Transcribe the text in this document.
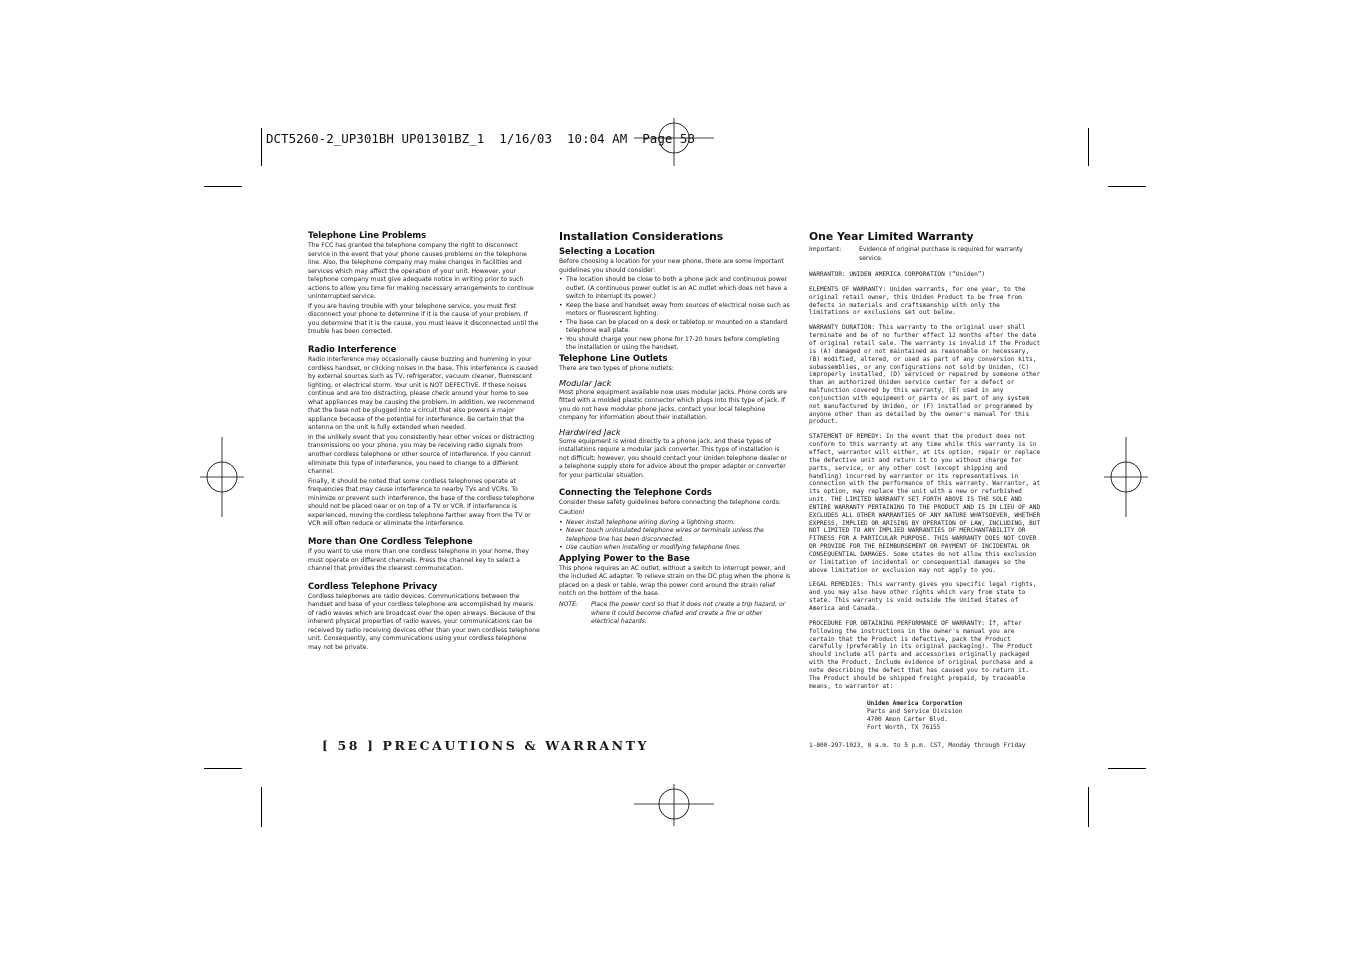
DCT5260-2_UP301BH UP01301BZ_1  1/16/03  10:04 AM  Page 58
Telephone Line Problems
The FCC has granted the telephone company the right to disconnect service in the event that your phone causes problems on the telephone line. Also, the telephone company may make changes in facilities and services which may affect the operation of your unit. However, your telephone company must give adequate notice in writing prior to such actions to allow you time for making necessary arrangements to continue uninterrupted service.
If you are having trouble with your telephone service, you must first disconnect your phone to determine if it is the cause of your problem. If you determine that it is the cause, you must leave it disconnected until the trouble has been corrected.
Radio Interference
Radio interference may occasionally cause buzzing and humming in your cordless handset, or clicking noises in the base. This interference is caused by external sources such as TV, refrigerator, vacuum cleaner, fluorescent lighting, or electrical storm. Your unit is NOT DEFECTIVE. If these noises continue and are too distracting, please check around your home to see what appliances may be causing the problem. In addition, we recommend that the base not be plugged into a circuit that also powers a major appliance because of the potential for interference. Be certain that the antenna on the unit is fully extended when needed.
In the unlikely event that you consistently hear other voices or distracting transmissions on your phone, you may be receiving radio signals from another cordless telephone or other source of interference. If you cannot eliminate this type of interference, you need to change to a different channel.
Finally, it should be noted that some cordless telephones operate at frequencies that may cause interference to nearby TVs and VCRs. To minimize or prevent such interference, the base of the cordless telephone should not be placed near or on top of a TV or VCR. If interference is experienced, moving the cordless telephone farther away from the TV or VCR will often reduce or eliminate the interference.
More than One Cordless Telephone
If you want to use more than one cordless telephone in your home, they must operate on different channels. Press the channel key to select a channel that provides the clearest communication.
Cordless Telephone Privacy
Cordless telephones are radio devices. Communications between the handset and base of your cordless telephone are accomplished by means of radio waves which are broadcast over the open airways. Because of the inherent physical properties of radio waves, your communications can be received by radio receiving devices other than your own cordless telephone unit. Consequently, any communications using your cordless telephone may not be private.
Installation Considerations
Selecting a Location
Before choosing a location for your new phone, there are some important guidelines you should consider:
• The location should be close to both a phone jack and continuous power outlet. (A continuous power outlet is an AC outlet which does not have a switch to interrupt its power.)
• Keep the base and handset away from sources of electrical noise such as motors or fluorescent lighting.
• The base can be placed on a desk or tabletop or mounted on a standard telephone wall plate.
• You should charge your new phone for 17-20 hours before completing the installation or using the handset.
Telephone Line Outlets
There are two types of phone outlets:
Modular Jack
Most phone equipment available now uses modular jacks. Phone cords are fitted with a molded plastic connector which plugs into this type of jack. If you do not have modular phone jacks, contact your local telephone company for information about their installation.
Hardwired Jack
Some equipment is wired directly to a phone jack, and these types of installations require a modular jack converter. This type of installation is not difficult; however, you should contact your Uniden telephone dealer or a telephone supply store for advice about the proper adapter or converter for your particular situation.
Connecting the Telephone Cords
Consider these safety guidelines before connecting the telephone cords:
Caution!
• Never install telephone wiring during a lightning storm.
• Never touch uninsulated telephone wires or terminals unless the telephone line has been disconnected.
• Use caution when installing or modifying telephone lines.
Applying Power to the Base
This phone requires an AC outlet, without a switch to interrupt power, and the included AC adapter. To relieve strain on the DC plug when the phone is placed on a desk or table, wrap the power cord around the strain relief notch on the bottom of the base.
NOTE:	Place the power cord so that it does not create a trip hazard, or where it could become chafed and create a fire or other electrical hazards.
One Year Limited Warranty
Important:	Evidence of original purchase is required for warranty service.
WARRANTOR: UNIDEN AMERICA CORPORATION (“Uniden”)
ELEMENTS OF WARRANTY: Uniden warrants, for one year, to the original retail owner, this Uniden Product to be free from defects in materials and craftsmanship with only the limitations or exclusions set out below.
WARRANTY DURATION: This warranty to the original user shall terminate and be of no further effect 12 months after the date of original retail sale. The warranty is invalid if the Product is (A) damaged or not maintained as reasonable or necessary, (B) modified, altered, or used as part of any conversion kits, subassemblies, or any configurations not sold by Uniden, (C) improperly installed, (D) serviced or repaired by someone other than an authorized Uniden service center for a defect or malfunction covered by this warranty, (E) used in any conjunction with equipment or parts or as part of any system not manufactured by Uniden, or (F) installed or programmed by anyone other than as detailed by the owner's manual for this product.
STATEMENT OF REMEDY: In the event that the product does not conform to this warranty at any time while this warranty is in effect, warrantor will either, at its option, repair or replace the defective unit and return it to you without charge for parts, service, or any other cost (except shipping and handling) incurred by warrantor or its representatives in connection with the performance of this warranty. Warrantor, at its option, may replace the unit with a new or refurbished unit. THE LIMITED WARRANTY SET FORTH ABOVE IS THE SOLE AND ENTIRE WARRANTY PERTAINING TO THE PRODUCT AND IS IN LIEU OF AND EXCLUDES ALL OTHER WARRANTIES OF ANY NATURE WHATSOEVER, WHETHER EXPRESS, IMPLIED OR ARISING BY OPERATION OF LAW, INCLUDING, BUT NOT LIMITED TO ANY IMPLIED WARRANTIES OF MERCHANTABILITY OR FITNESS FOR A PARTICULAR PURPOSE. THIS WARRANTY DOES NOT COVER OR PROVIDE FOR THE REIMBURSEMENT OR PAYMENT OF INCIDENTAL OR CONSEQUENTIAL DAMAGES. Some states do not allow this exclusion or limitation of incidental or consequential damages so the above limitation or exclusion may not apply to you.
LEGAL REMEDIES: This warranty gives you specific legal rights, and you may also have other rights which vary from state to state. This warranty is void outside the United States of America and Canada.
PROCEDURE FOR OBTAINING PERFORMANCE OF WARRANTY: If, after following the instructions in the owner's manual you are certain that the Product is defective, pack the Product carefully (preferably in its original packaging). The Product should include all parts and accessories originally packaged with the Product. Include evidence of original purchase and a note describing the defect that has caused you to return it. The Product should be shipped freight prepaid, by traceable means, to warrantor at:
Uniden America Corporation
Parts and Service Division
4700 Amon Carter Blvd.
Fort Worth, TX 76155
1-800-297-1023, 8 a.m. to 5 p.m. CST, Monday through Friday
[ 58 ] PRECAUTIONS & WARRANTY
